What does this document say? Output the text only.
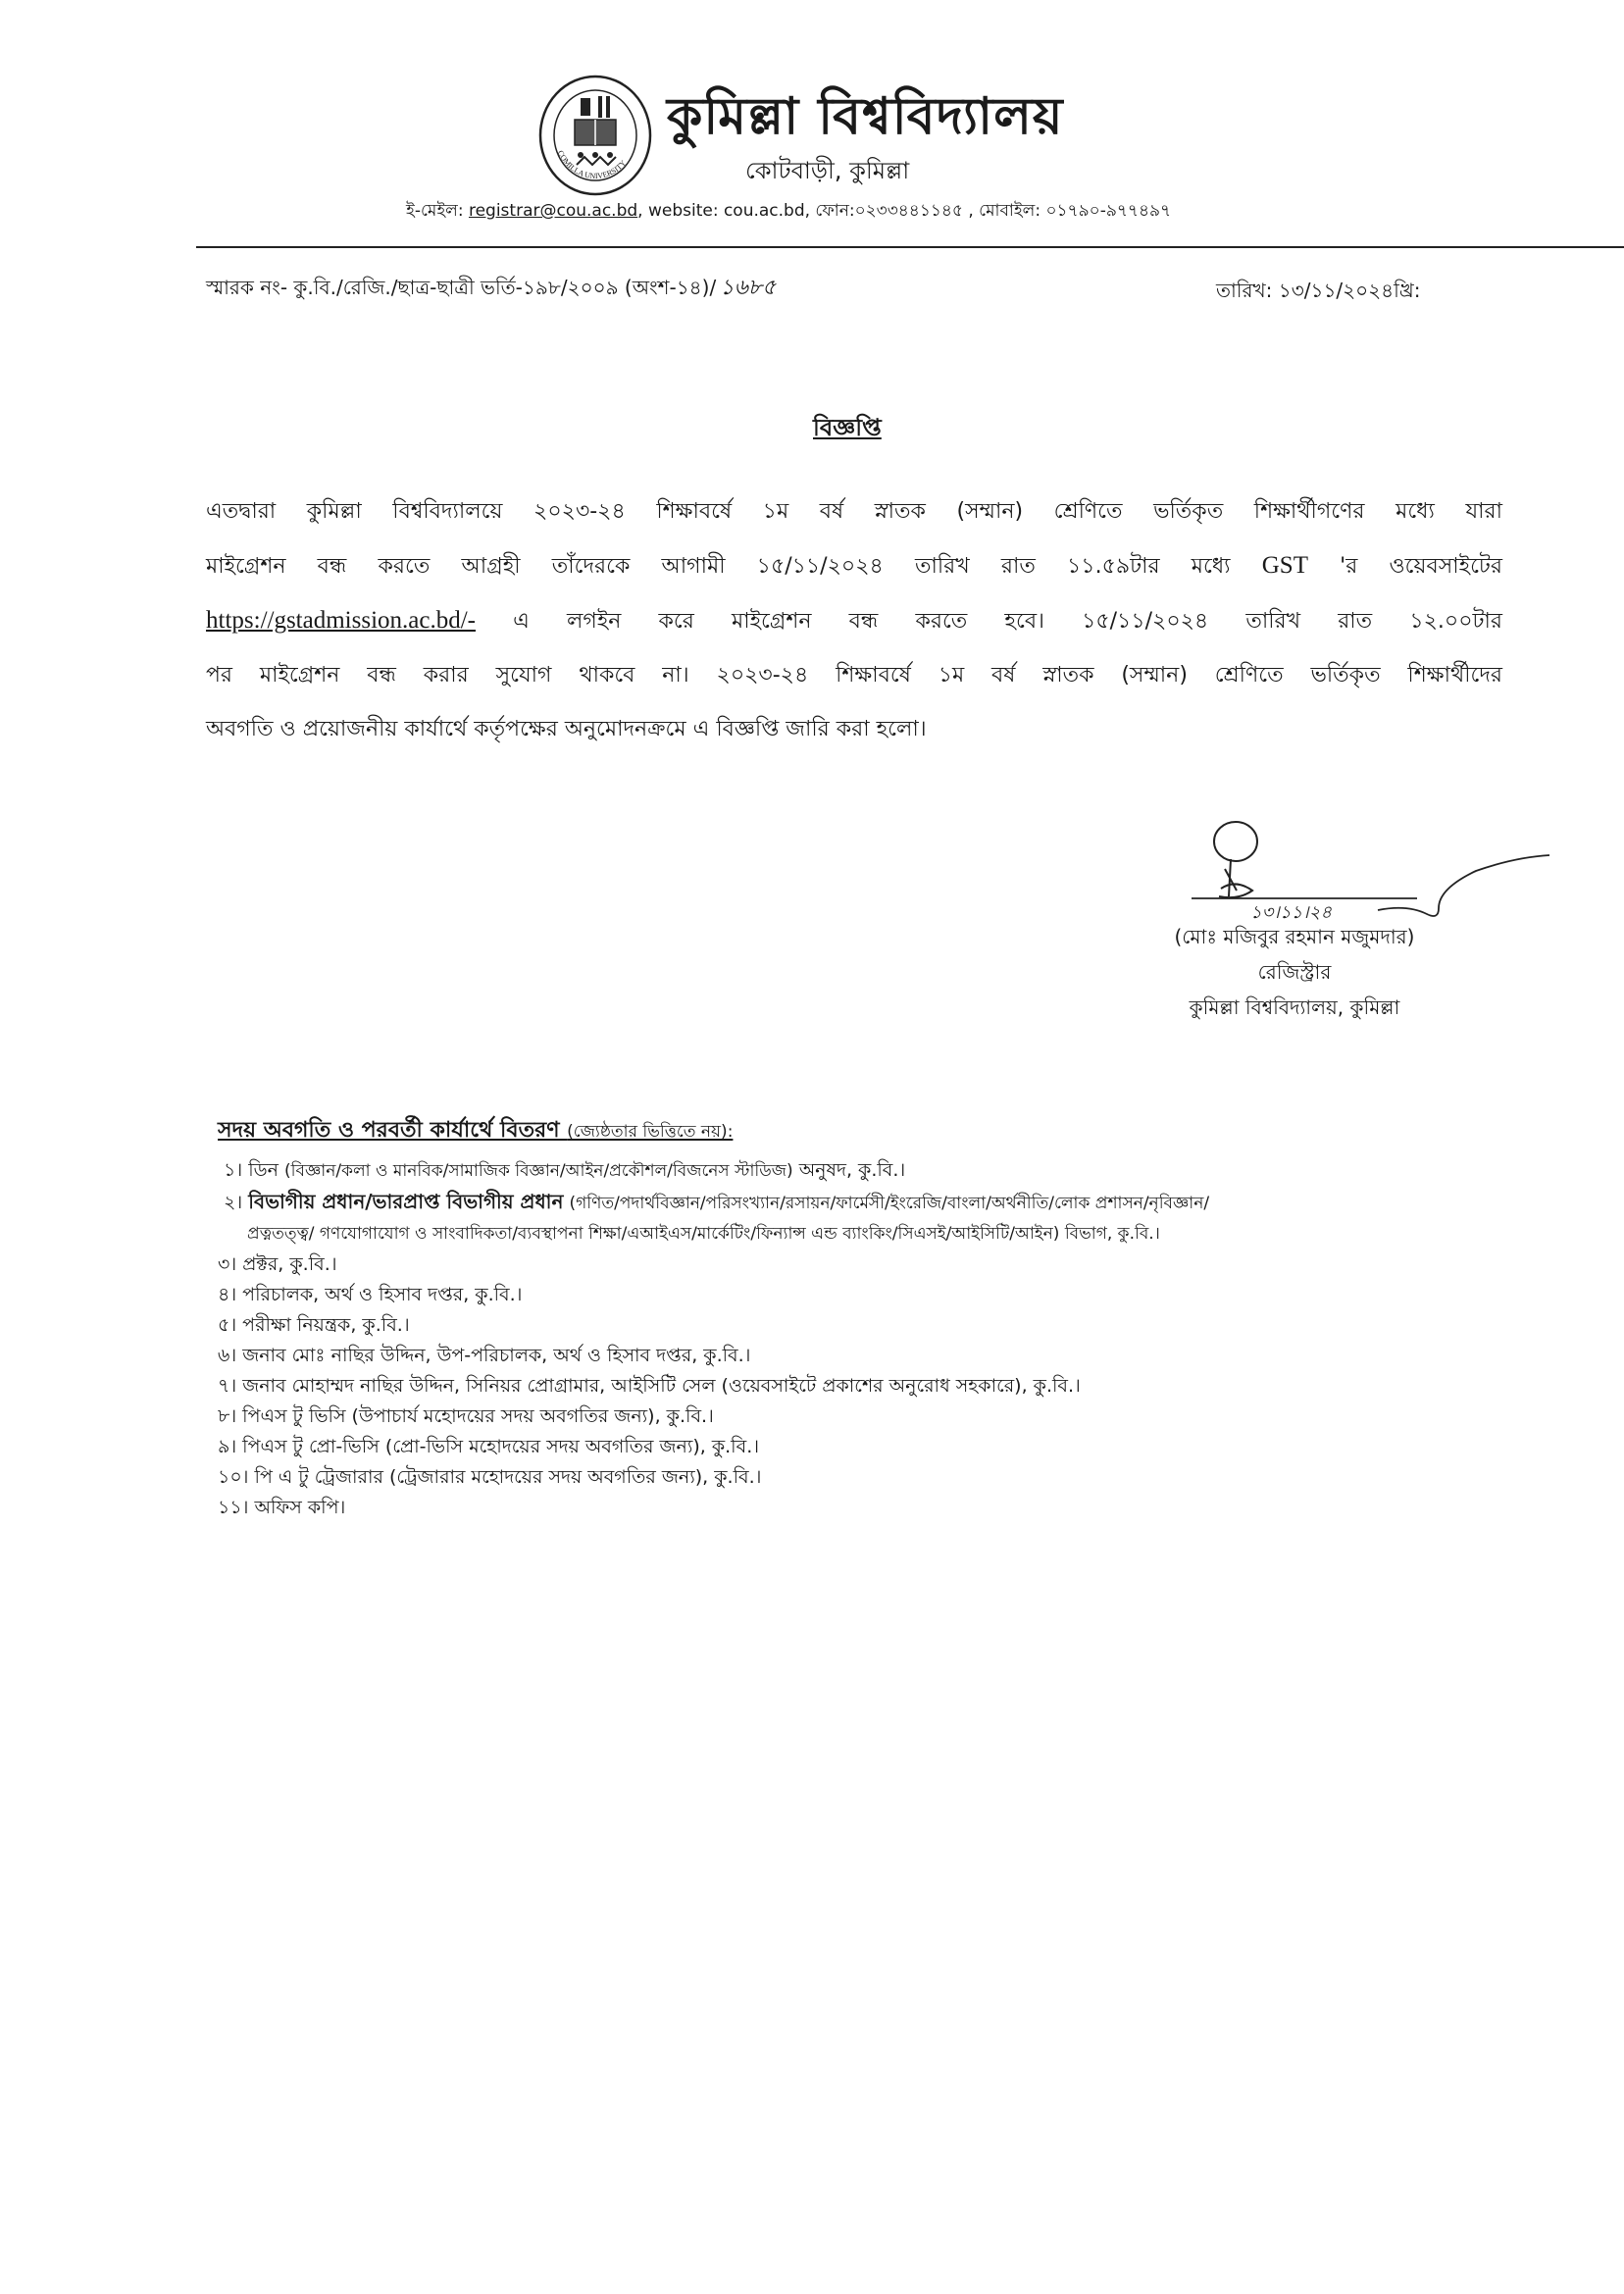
COMILLA UNIVERSITY
কুমিল্লা বিশ্ববিদ্যালয়
কোটবাড়ী, কুমিল্লা
ই-মেইল: registrar@cou.ac.bd, website: cou.ac.bd, ফোন:০২৩৩৪৪১১৪৫ , মোবাইল: ০১৭৯০-৯৭৭৪৯৭
স্মারক নং- কু.বি./রেজি./ছাত্র-ছাত্রী ভর্তি-১৯৮/২০০৯ (অংশ-১৪)/ ১৬৮৫	তারিখ: ১৩/১১/২০২৪খ্রি:
বিজ্ঞপ্তি
এতদ্বারা কুমিল্লা বিশ্ববিদ্যালয়ে ২০২৩-২৪ শিক্ষাবর্ষে ১ম বর্ষ স্নাতক (সম্মান) শ্রেণিতে ভর্তিকৃত শিক্ষার্থীগণের মধ্যে যারা
মাইগ্রেশন বন্ধ করতে আগ্রহী তাঁদেরকে আগামী ১৫/১১/২০২৪ তারিখ রাত ১১.৫৯টার মধ্যে GST 'র ওয়েবসাইটের
https://gstadmission.ac.bd/- এ লগইন করে মাইগ্রেশন বন্ধ করতে হবে। ১৫/১১/২০২৪ তারিখ রাত ১২.০০টার
পর মাইগ্রেশন বন্ধ করার সুযোগ থাকবে না। ২০২৩-২৪ শিক্ষাবর্ষে ১ম বর্ষ স্নাতক (সম্মান) শ্রেণিতে ভর্তিকৃত শিক্ষার্থীদের
অবগতি ও প্রয়োজনীয় কার্যার্থে কর্তৃপক্ষের অনুমোদনক্রমে এ বিজ্ঞপ্তি জারি করা হলো।
১৩।১১।২৪
(মোঃ মজিবুর রহমান মজুমদার)
রেজিস্ট্রার
কুমিল্লা বিশ্ববিদ্যালয়, কুমিল্লা
সদয় অবগতি ও পরবর্তী কার্যার্থে বিতরণ (জ্যেষ্ঠতার ভিত্তিতে নয়):
১। ডিন (বিজ্ঞান/কলা ও মানবিক/সামাজিক বিজ্ঞান/আইন/প্রকৌশল/বিজনেস স্টাডিজ) অনুষদ, কু.বি.।
২। বিভাগীয় প্রধান/ভারপ্রাপ্ত বিভাগীয় প্রধান (গণিত/পদার্থবিজ্ঞান/পরিসংখ্যান/রসায়ন/ফার্মেসী/ইংরেজি/বাংলা/অর্থনীতি/লোক প্রশাসন/নৃবিজ্ঞান/
প্রত্নতত্ত্ব/ গণযোগাযোগ ও সাংবাদিকতা/ব্যবস্থাপনা শিক্ষা/এআইএস/মার্কেটিং/ফিন্যান্স এন্ড ব্যাংকিং/সিএসই/আইসিটি/আইন) বিভাগ, কু.বি.।
৩। প্রক্টর, কু.বি.।
৪। পরিচালক, অর্থ ও হিসাব দপ্তর, কু.বি.।
৫। পরীক্ষা নিয়ন্ত্রক, কু.বি.।
৬। জনাব মোঃ নাছির উদ্দিন, উপ-পরিচালক, অর্থ ও হিসাব দপ্তর, কু.বি.।
৭। জনাব মোহাম্মদ নাছির উদ্দিন, সিনিয়র প্রোগ্রামার, আইসিটি সেল (ওয়েবসাইটে প্রকাশের অনুরোধ সহকারে), কু.বি.।
৮। পিএস টু ভিসি (উপাচার্য মহোদয়ের সদয় অবগতির জন্য), কু.বি.।
৯। পিএস টু প্রো-ভিসি (প্রো-ভিসি মহোদয়ের সদয় অবগতির জন্য), কু.বি.।
১০। পি এ টু ট্রেজারার (ট্রেজারার মহোদয়ের সদয় অবগতির জন্য), কু.বি.।
১১। অফিস কপি।
